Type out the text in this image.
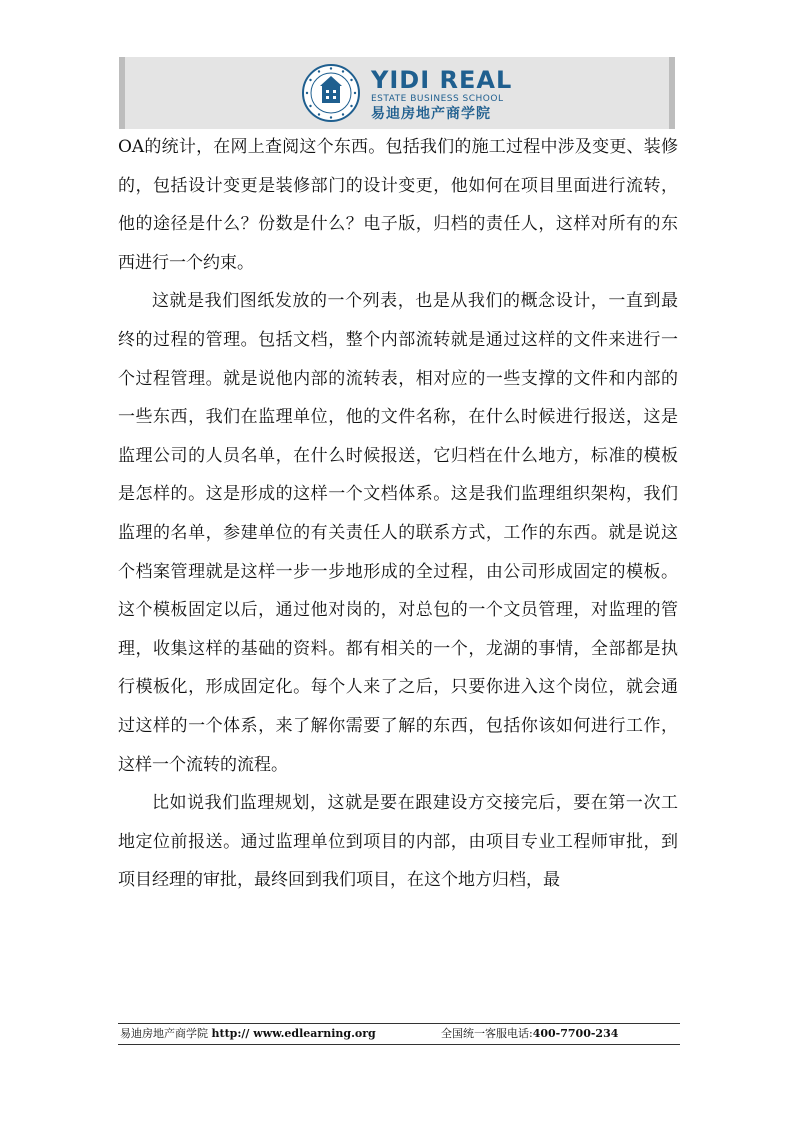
YIDI REAL
ESTATE BUSINESS SCHOOL
易迪房地产商学院

OA的统计，在网上查阅这个东西。包括我们的施工过程中涉及变更、装修的，包括设计变更是装修部门的设计变更，他如何在项目里面进行流转，他的途径是什么？份数是什么？电子版，归档的责任人，这样对所有的东西进行一个约束。

这就是我们图纸发放的一个列表，也是从我们的概念设计，一直到最终的过程的管理。包括文档，整个内部流转就是通过这样的文件来进行一个过程管理。就是说他内部的流转表，相对应的一些支撑的文件和内部的一些东西，我们在监理单位，他的文件名称，在什么时候进行报送，这是监理公司的人员名单，在什么时候报送，它归档在什么地方，标准的模板是怎样的。这是形成的这样一个文档体系。这是我们监理组织架构，我们监理的名单，参建单位的有关责任人的联系方式，工作的东西。就是说这个档案管理就是这样一步一步地形成的全过程，由公司形成固定的模板。这个模板固定以后，通过他对岗的，对总包的一个文员管理，对监理的管理，收集这样的基础的资料。都有相关的一个，龙湖的事情，全部都是执行模板化，形成固定化。每个人来了之后，只要你进入这个岗位，就会通过这样的一个体系，来了解你需要了解的东西，包括你该如何进行工作，这样一个流转的流程。

比如说我们监理规划，这就是要在跟建设方交接完后，要在第一次工地定位前报送。通过监理单位到项目的内部，由项目专业工程师审批，到项目经理的审批，最终回到我们项目，在这个地方归档，最

易迪房地产商学院 http:// www.edlearning.org	全国统一客服电话:400-7700-234
